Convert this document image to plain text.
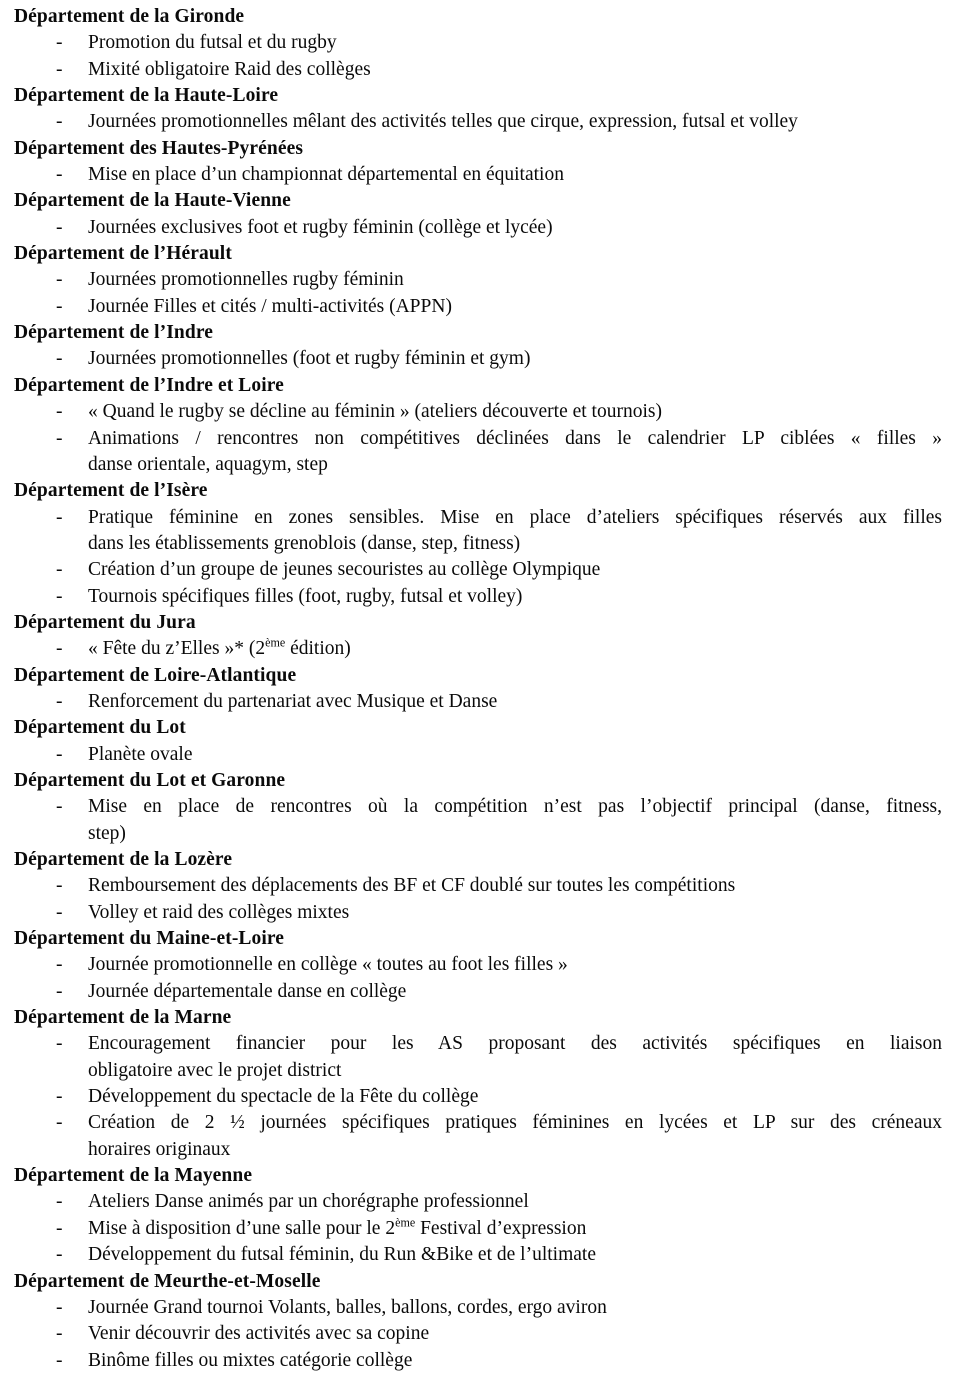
Département de la Gironde
-	Promotion du futsal et du rugby
-	Mixité obligatoire Raid des collèges
Département de la Haute-Loire
-	Journées promotionnelles mêlant des activités telles que cirque, expression, futsal et volley
Département des Hautes-Pyrénées
-	Mise en place d’un championnat départemental en équitation
Département de la Haute-Vienne
-	Journées exclusives foot et rugby féminin (collège et lycée)
Département de l’Hérault
-	Journées promotionnelles rugby féminin
-	Journée Filles et cités / multi-activités (APPN)
Département de l’Indre
-	Journées promotionnelles (foot et rugby féminin et gym)
Département de l’Indre et Loire
-	« Quand le rugby se décline au féminin » (ateliers découverte et tournois)
-	Animations / rencontres non compétitives déclinées dans le calendrier LP ciblées « filles »
danse orientale, aquagym, step
Département de l’Isère
-	Pratique féminine en zones sensibles. Mise en place d’ateliers spécifiques réservés aux filles
dans les établissements grenoblois (danse, step, fitness)
-	Création d’un groupe de jeunes secouristes au collège Olympique
-	Tournois spécifiques filles (foot, rugby, futsal et volley)
Département du Jura
-	« Fête du z’Elles »* (2ème édition)
Département de Loire-Atlantique
-	Renforcement du partenariat avec Musique et Danse
Département du Lot
-	Planète ovale
Département du Lot et Garonne
-	Mise en place de rencontres où la compétition n’est pas l’objectif principal (danse, fitness,
step)
Département de la Lozère
-	Remboursement des déplacements des BF et CF doublé sur toutes les compétitions
-	Volley et raid des collèges mixtes
Département du Maine-et-Loire
-	Journée promotionnelle en collège « toutes au foot les filles »
-	Journée départementale danse en collège
Département de la Marne
-	Encouragement financier pour les AS proposant des activités spécifiques en liaison
obligatoire avec le projet district
-	Développement du spectacle de la Fête du collège
-	Création de 2 ½ journées spécifiques pratiques féminines en lycées et LP sur des créneaux
horaires originaux
Département de la Mayenne
-	Ateliers Danse animés par un chorégraphe professionnel
-	Mise à disposition d’une salle pour le 2ème Festival d’expression
-	Développement du futsal féminin, du Run &Bike et de l’ultimate
Département de Meurthe-et-Moselle
-	Journée Grand tournoi Volants, balles, ballons, cordes, ergo aviron
-	Venir découvrir des activités avec sa copine
-	Binôme filles ou mixtes catégorie collège
